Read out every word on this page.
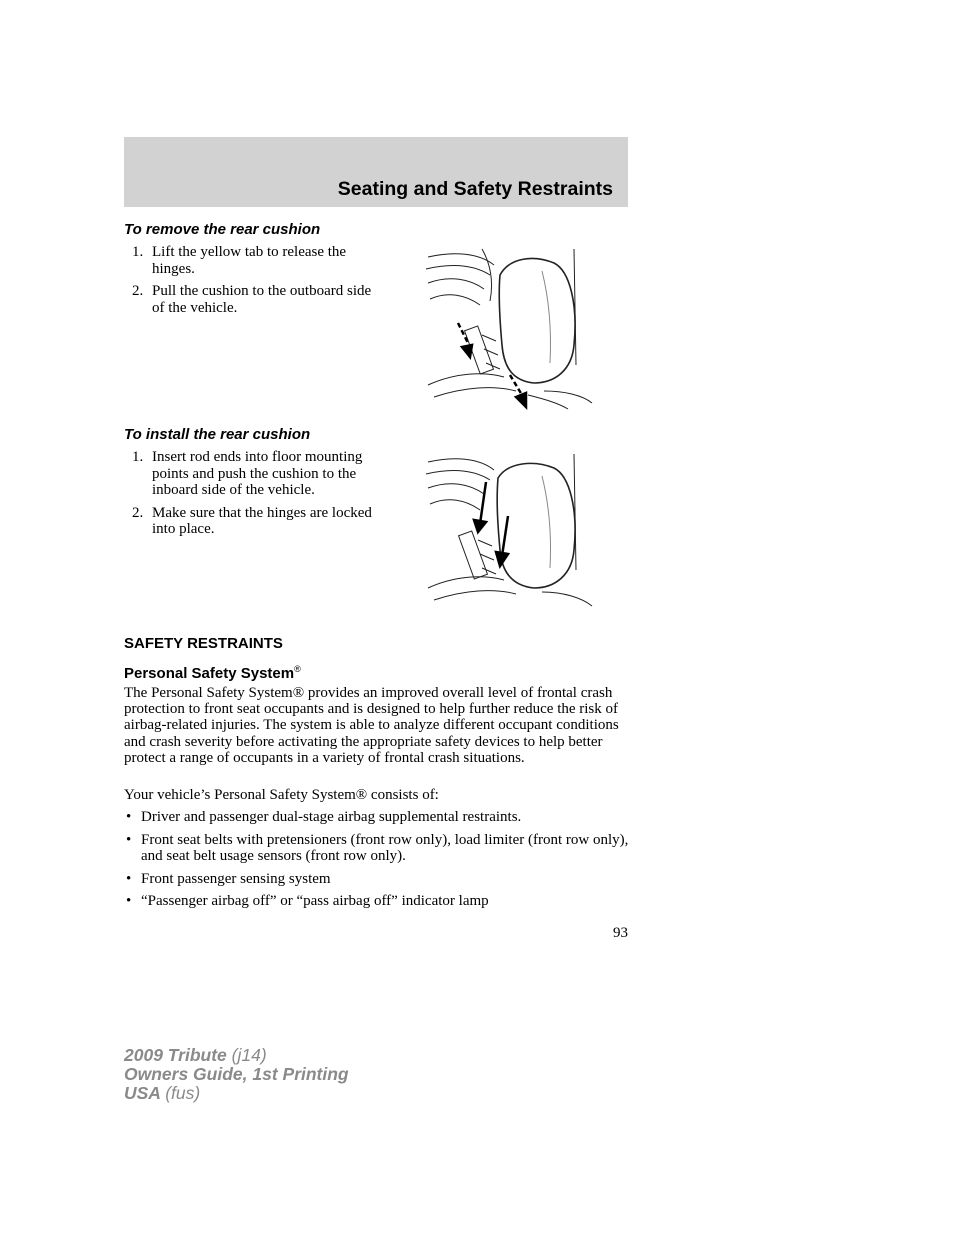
Seating and Safety Restraints
To remove the rear cushion
1. Lift the yellow tab to release the hinges.
2. Pull the cushion to the outboard side of the vehicle.
To install the rear cushion
1. Insert rod ends into floor mounting points and push the cushion to the inboard side of the vehicle.
2. Make sure that the hinges are locked into place.
SAFETY RESTRAINTS
Personal Safety System®

The Personal Safety System® provides an improved overall level of frontal crash protection to front seat occupants and is designed to help further reduce the risk of airbag-related injuries. The system is able to analyze different occupant conditions and crash severity before activating the appropriate safety devices to help better protect a range of occupants in a variety of frontal crash situations.

Your vehicle’s Personal Safety System® consists of:

• Driver and passenger dual-stage airbag supplemental restraints.
• Front seat belts with pretensioners (front row only), load limiter (front row only), and seat belt usage sensors (front row only).
• Front passenger sensing system
• “Passenger airbag off” or “pass airbag off” indicator lamp
93
2009 Tribute (j14)
Owners Guide, 1st Printing
USA (fus)
